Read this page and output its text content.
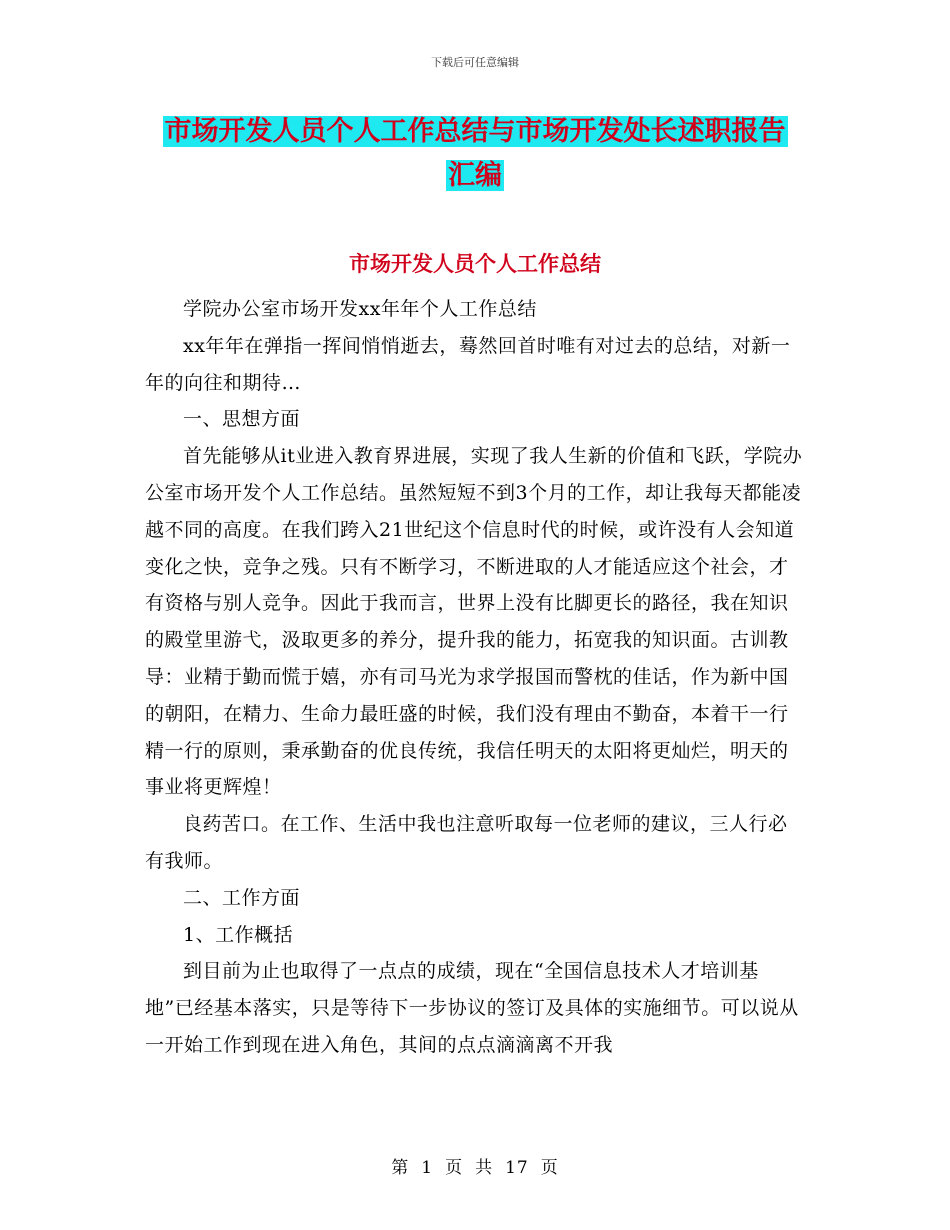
下载后可任意编辑
市场开发人员个人工作总结与市场开发处长述职报告
汇编
市场开发人员个人工作总结

学院办公室市场开发xx年年个人工作总结

xx年年在弹指一挥间悄悄逝去，蓦然回首时唯有对过去的总结，对新一年的向往和期待…

一、思想方面

首先能够从it业进入教育界进展，实现了我人生新的价值和飞跃，学院办公室市场开发个人工作总结。虽然短短不到3个月的工作，却让我每天都能凌越不同的高度。在我们跨入21世纪这个信息时代的时候，或许没有人会知道变化之快，竞争之残。只有不断学习，不断进取的人才能适应这个社会，才有资格与别人竞争。因此于我而言，世界上没有比脚更长的路径，我在知识的殿堂里游弋，汲取更多的养分，提升我的能力，拓宽我的知识面。古训教导：业精于勤而慌于嬉，亦有司马光为求学报国而警枕的佳话，作为新中国的朝阳，在精力、生命力最旺盛的时候，我们没有理由不勤奋，本着干一行精一行的原则，秉承勤奋的优良传统，我信任明天的太阳将更灿烂，明天的事业将更辉煌！

良药苦口。在工作、生活中我也注意听取每一位老师的建议，三人行必有我师。

二、工作方面

1、工作概括

到目前为止也取得了一点点的成绩，现在“全国信息技术人才培训基地”已经基本落实，只是等待下一步协议的签订及具体的实施细节。可以说从一开始工作到现在进入角色，其间的点点滴滴离不开我

第 1 页 共 17 页
